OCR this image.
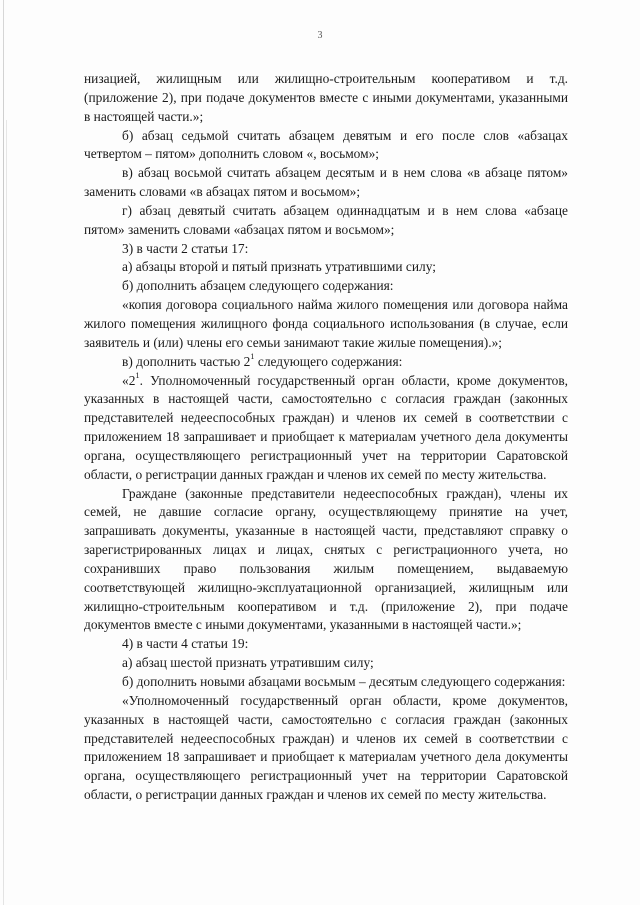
3

низацией, жилищным или жилищно-строительным кооперативом и т.д. (приложение 2), при подаче документов вместе с иными документами, указанными в настоящей части.»;

б) абзац седьмой считать абзацем девятым и его после слов «абзацах четвертом – пятом» дополнить словом «, восьмом»;

в) абзац восьмой считать абзацем десятым и в нем слова «в абзаце пятом» заменить словами «в абзацах пятом и восьмом»;

г) абзац девятый считать абзацем одиннадцатым и в нем слова «абзаце пятом» заменить словами «абзацах пятом и восьмом»;

3) в части 2 статьи 17:

а) абзацы второй и пятый признать утратившими силу;

б) дополнить абзацем следующего содержания:

«копия договора социального найма жилого помещения или договора найма жилого помещения жилищного фонда социального использования (в случае, если заявитель и (или) члены его семьи занимают такие жилые помещения).»;

в) дополнить частью $2^1$ следующего содержания:

«$2^1$. Уполномоченный государственный орган области, кроме документов, указанных в настоящей части, самостоятельно с согласия граждан (законных представителей недееспособных граждан) и членов их семей в соответствии с приложением 18 запрашивает и приобщает к материалам учетного дела документы органа, осуществляющего регистрационный учет на территории Саратовской области, о регистрации данных граждан и членов их семей по месту жительства.

Граждане (законные представители недееспособных граждан), члены их семей, не давшие согласие органу, осуществляющему принятие на учет, запрашивать документы, указанные в настоящей части, представляют справку о зарегистрированных лицах и лицах, снятых с регистрационного учета, но сохранивших право пользования жилым помещением, выдаваемую соответствующей жилищно-эксплуатационной организацией, жилищным или жилищно-строительным кооперативом и т.д. (приложение 2), при подаче документов вместе с иными документами, указанными в настоящей части.»;

4) в части 4 статьи 19:

а) абзац шестой признать утратившим силу;

б) дополнить новыми абзацами восьмым – десятым следующего содержания:

«Уполномоченный государственный орган области, кроме документов, указанных в настоящей части, самостоятельно с согласия граждан (законных представителей недееспособных граждан) и членов их семей в соответствии с приложением 18 запрашивает и приобщает к материалам учетного дела документы органа, осуществляющего регистрационный учет на территории Саратовской области, о регистрации данных граждан и членов их семей по месту жительства.
